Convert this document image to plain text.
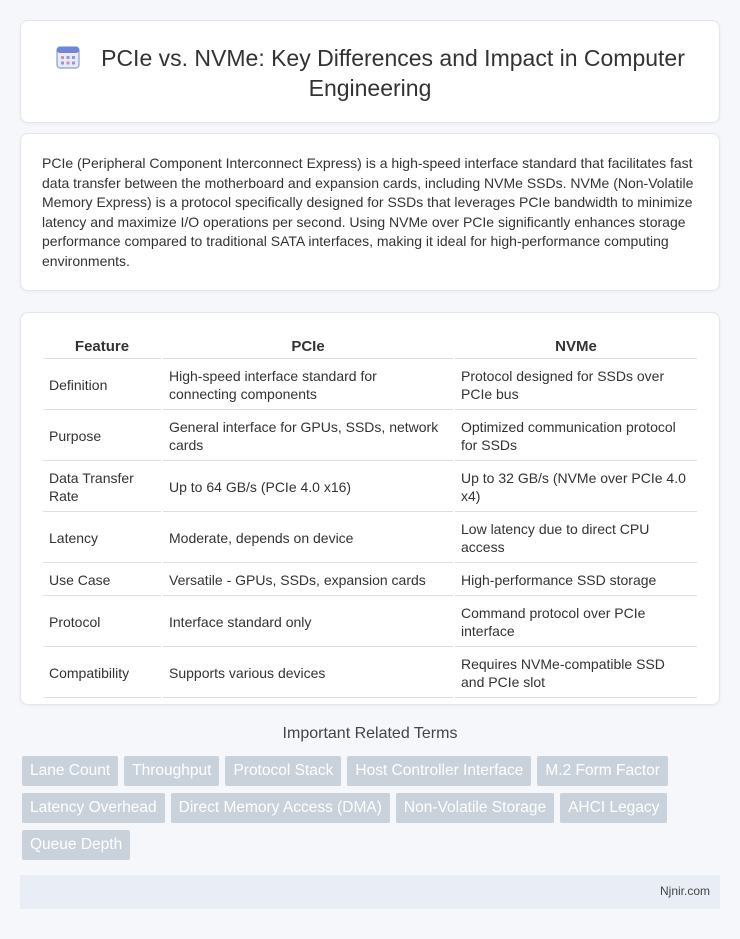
PCIe vs. NVMe: Key Differences and Impact in Computer Engineering

PCIe (Peripheral Component Interconnect Express) is a high-speed interface standard that facilitates fast data transfer between the motherboard and expansion cards, including NVMe SSDs. NVMe (Non-Volatile Memory Express) is a protocol specifically designed for SSDs that leverages PCIe bandwidth to minimize latency and maximize I/O operations per second. Using NVMe over PCIe significantly enhances storage performance compared to traditional SATA interfaces, making it ideal for high-performance computing environments.

Feature	PCIe	NVMe
Definition	High-speed interface standard for connecting components	Protocol designed for SSDs over PCIe bus
Purpose	General interface for GPUs, SSDs, network cards	Optimized communication protocol for SSDs
Data Transfer Rate	Up to 64 GB/s (PCIe 4.0 x16)	Up to 32 GB/s (NVMe over PCIe 4.0 x4)
Latency	Moderate, depends on device	Low latency due to direct CPU access
Use Case	Versatile - GPUs, SSDs, expansion cards	High-performance SSD storage
Protocol	Interface standard only	Command protocol over PCIe interface
Compatibility	Supports various devices	Requires NVMe-compatible SSD and PCIe slot
Important Related Terms
Lane Count	Throughput	Protocol Stack	Host Controller Interface	M.2 Form Factor
Latency Overhead	Direct Memory Access (DMA)	Non-Volatile Storage	AHCI Legacy
Queue Depth
Njnir.com
